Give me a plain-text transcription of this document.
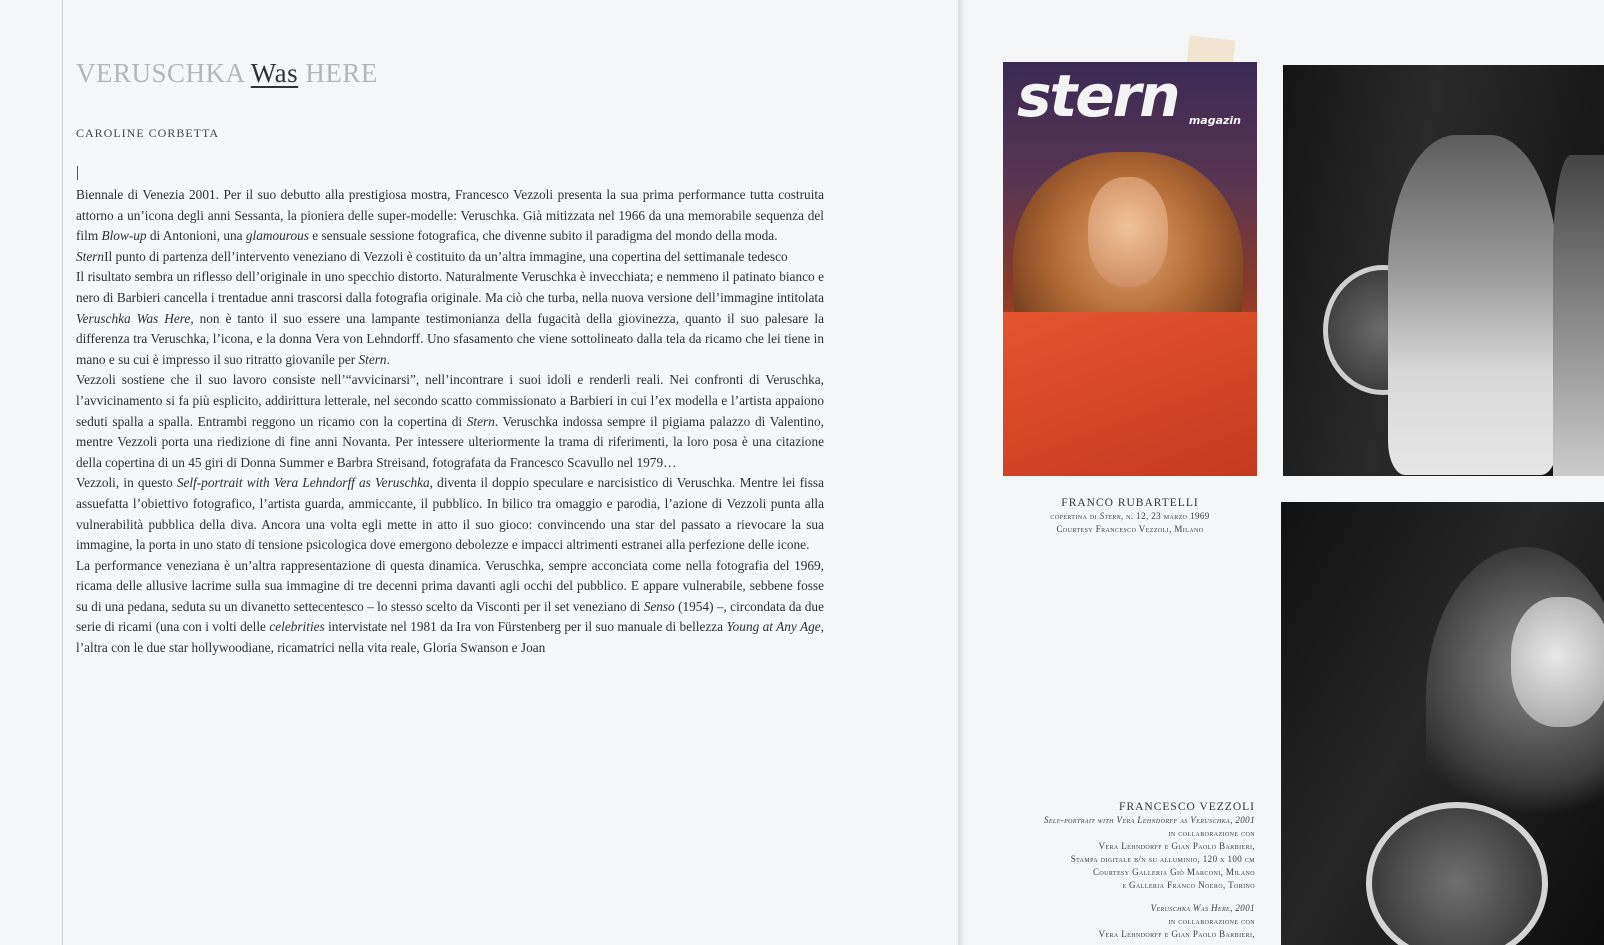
VERUSCHKA Was HERE
CAROLINE CORBETTA

Biennale di Venezia 2001. Per il suo debutto alla prestigiosa mostra, Francesco Vezzoli presenta la sua prima performance tutta costruita attorno a un’icona degli anni Sessanta, la pioniera delle super-modelle: Veruschka. Già mitizzata nel 1966 da una memorabile sequenza del film Blow-up di Antonioni, una glamourous e sensuale sessione fotografica, che divenne subito il paradigma del mondo della moda.

SternIl punto di partenza dell’intervento veneziano di Vezzoli è costituito da un’altra immagine, una copertina del settimanale tedesco

Il risultato sembra un riflesso dell’originale in uno specchio distorto. Naturalmente Veruschka è invecchiata; e nemmeno il patinato bianco e nero di Barbieri cancella i trentadue anni trascorsi dalla fotografia originale. Ma ciò che turba, nella nuova versione dell’immagine intitolata Veruschka Was Here, non è tanto il suo essere una lampante testimonianza della fugacità della giovinezza, quanto il suo palesare la differenza tra Veruschka, l’icona, e la donna Vera von Lehndorff. Uno sfasamento che viene sottolineato dalla tela da ricamo che lei tiene in mano e su cui è impresso il suo ritratto giovanile per Stern.

Vezzoli sostiene che il suo lavoro consiste nell’“avvicinarsi”, nell’incontrare i suoi idoli e renderli reali. Nei confronti di Veruschka, l’avvicinamento si fa più esplicito, addirittura letterale, nel secondo scatto commissionato a Barbieri in cui l’ex modella e l’artista appaiono seduti spalla a spalla. Entrambi reggono un ricamo con la copertina di Stern. Veruschka indossa sempre il pigiama palazzo di Valentino, mentre Vezzoli porta una riedizione di fine anni Novanta. Per intessere ulteriormente la trama di riferimenti, la loro posa è una citazione della copertina di un 45 giri di Donna Summer e Barbra Streisand, fotografata da Francesco Scavullo nel 1979…

Vezzoli, in questo Self-portrait with Vera Lehndorff as Veruschka, diventa il doppio speculare e narcisistico di Veruschka. Mentre lei fissa assuefatta l’obiettivo fotografico, l’artista guarda, ammiccante, il pubblico. In bilico tra omaggio e parodia, l’azione di Vezzoli punta alla vulnerabilità pubblica della diva. Ancora una volta egli mette in atto il suo gioco: convincendo una star del passato a rievocare la sua immagine, la porta in uno stato di tensione psicologica dove emergono debolezze e impacci altrimenti estranei alla perfezione delle icone.

La performance veneziana è un’altra rappresentazione di questa dinamica. Veruschka, sempre acconciata come nella fotografia del 1969, ricama delle allusive lacrime sulla sua immagine di tre decenni prima davanti agli occhi del pubblico. E appare vulnerabile, sebbene fosse su di una pedana, seduta su un divanetto settecentesco – lo stesso scelto da Visconti per il set veneziano di Senso (1954) –, circondata da due serie di ricami (una con i volti delle celebrities intervistate nel 1981 da Ira von Fürstenberg per il suo manuale di bellezza Young at Any Age, l’altra con le due star hollywoodiane, ricamatrici nella vita reale, Gloria Swanson e Joan

stern magazin
FRANCO RUBARTELLI
copertina di Stern, n. 12, 23 marzo 1969
Courtesy Francesco Vezzoli, Milano
FRANCESCO VEZZOLI
Self-portrait with Vera Lehndorff as Veruschka, 2001
in collaborazione con
Vera Lehndorff e Gian Paolo Barbieri,
Stampa digitale b/n su alluminio, 120 x 100 cm
Courtesy Galleria Giò Marconi, Milano
e Galleria Franco Noero, Torino
Veruschka Was Here, 2001
in collaborazione con
Vera Lehndorff e Gian Paolo Barbieri,
